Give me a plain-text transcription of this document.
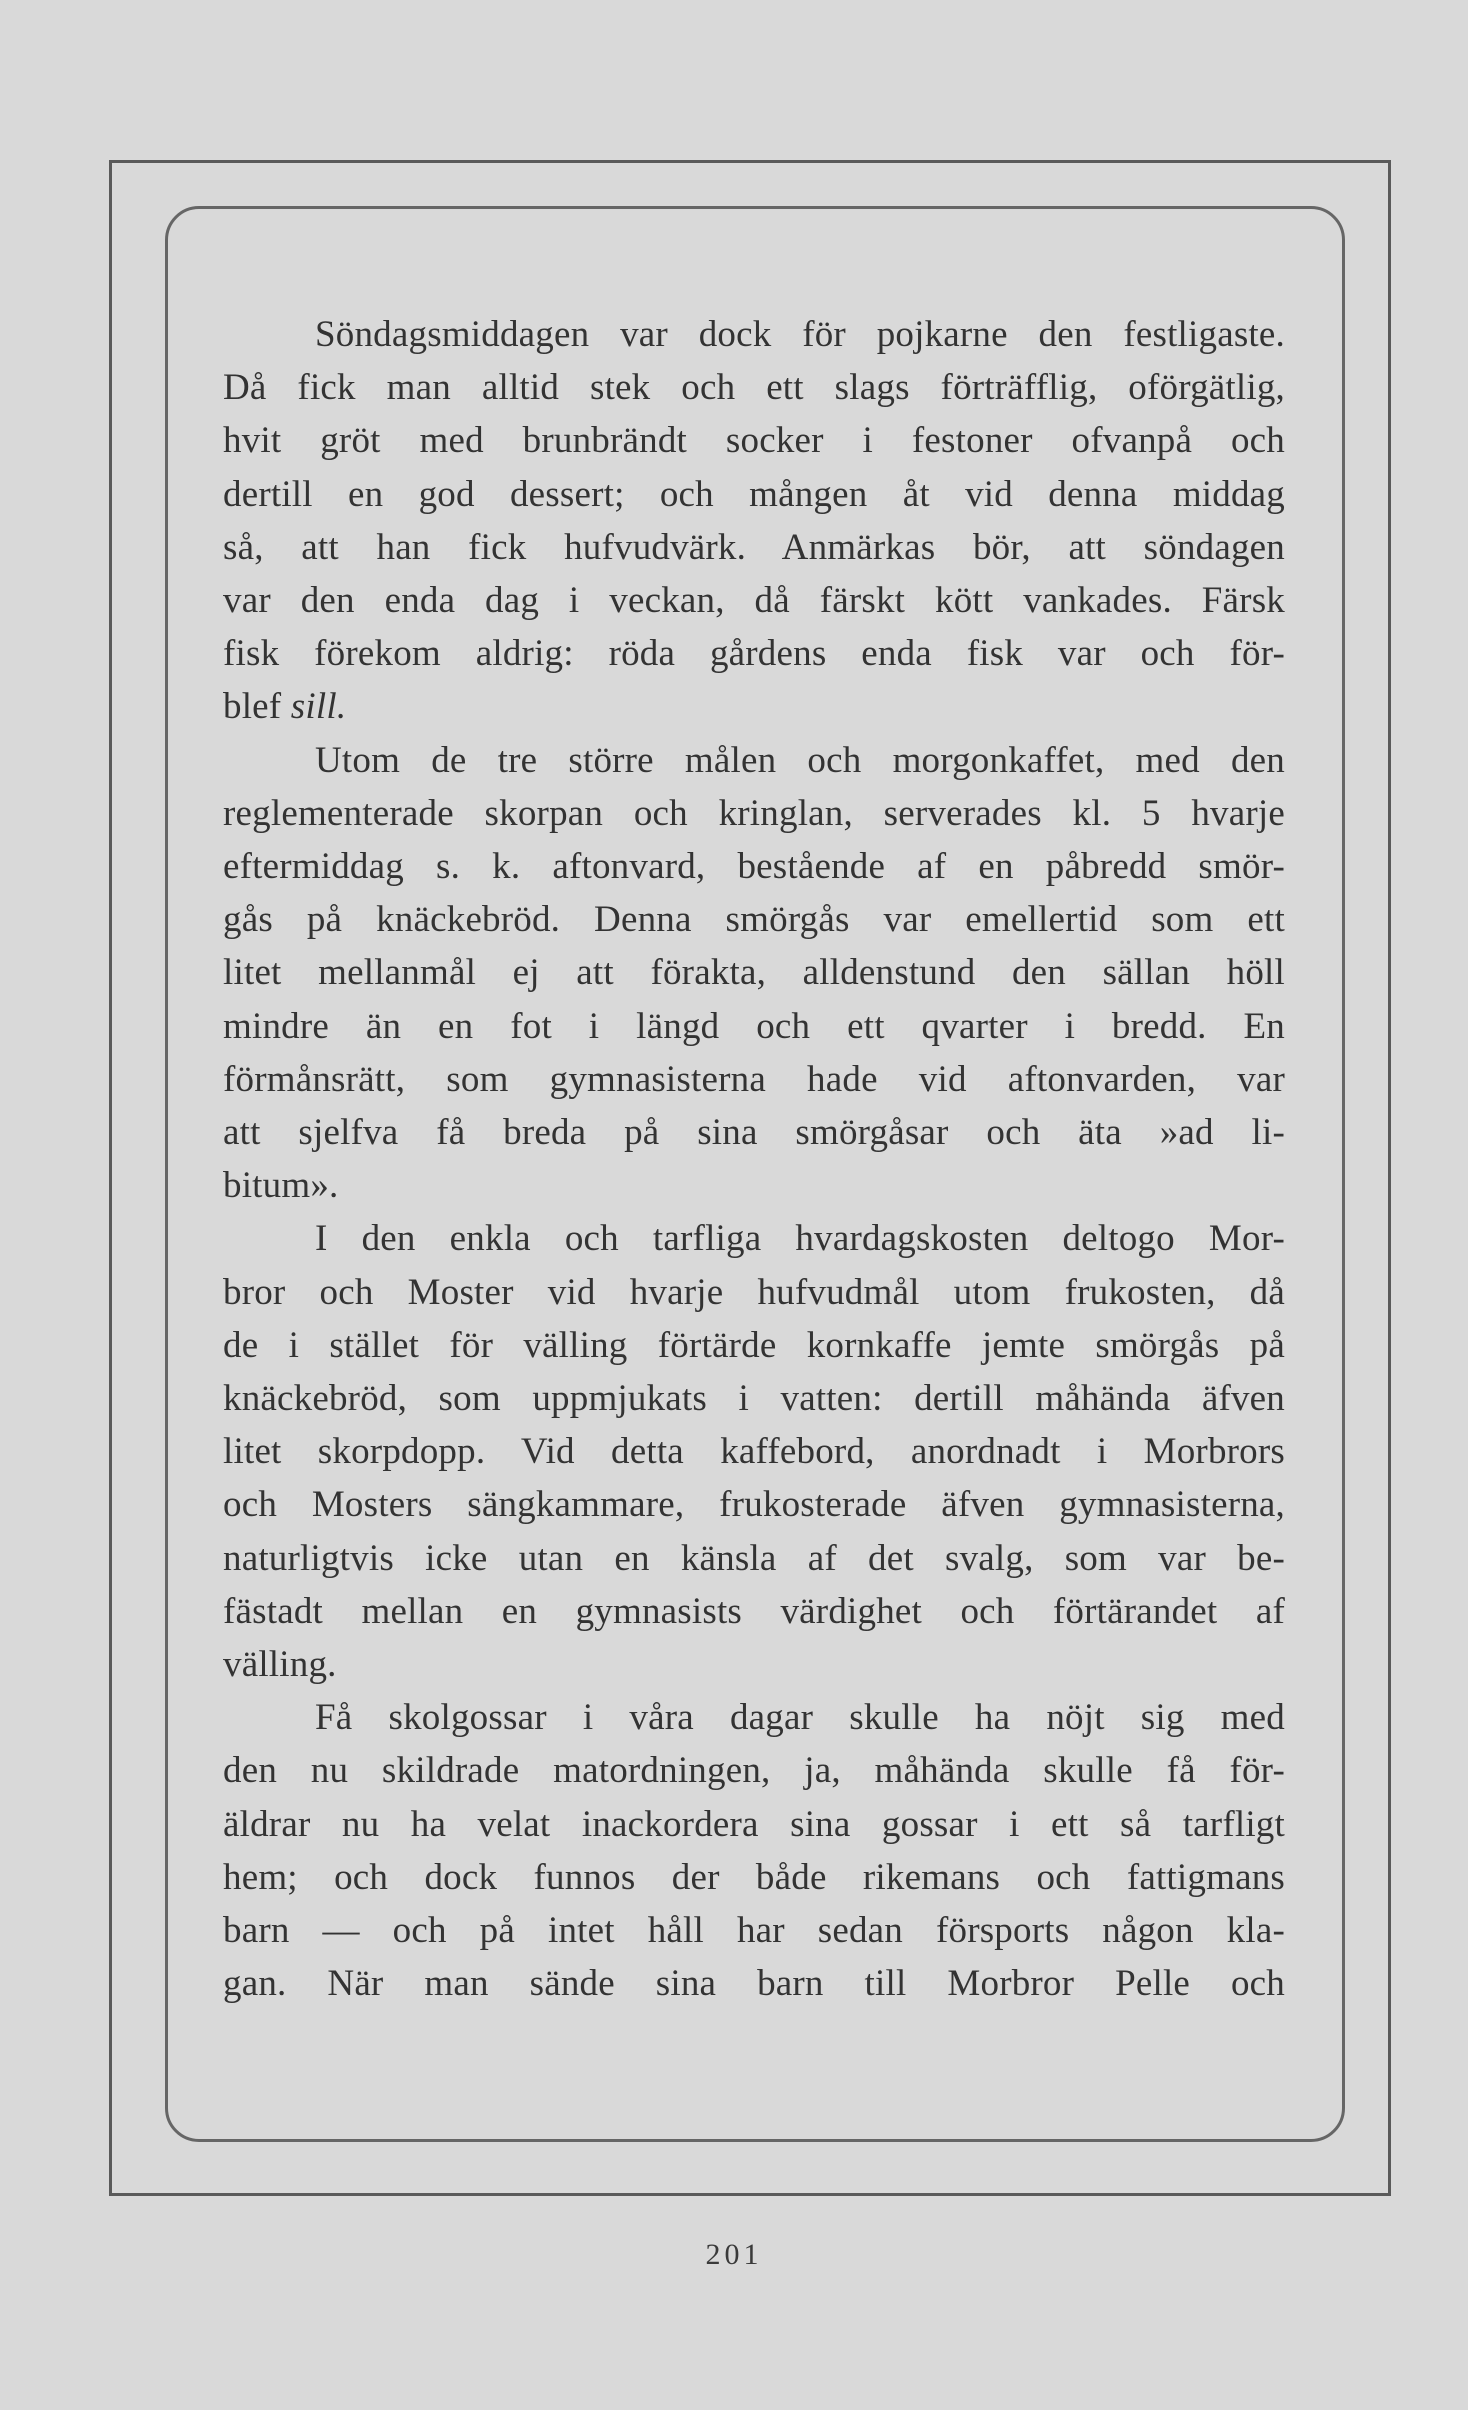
Söndagsmiddagen var dock för pojkarne den festligaste.
Då fick man alltid stek och ett slags förträfflig, oförgätlig,
hvit gröt med brunbrändt socker i festoner ofvanpå och
dertill en god dessert; och mången åt vid denna middag
så, att han fick hufvudvärk. Anmärkas bör, att söndagen
var den enda dag i veckan, då färskt kött vankades. Färsk
fisk förekom aldrig: röda gårdens enda fisk var och för-
blef sill.
Utom de tre större målen och morgonkaffet, med den
reglementerade skorpan och kringlan, serverades kl. 5 hvarje
eftermiddag s. k. aftonvard, bestående af en påbredd smör-
gås på knäckebröd. Denna smörgås var emellertid som ett
litet mellanmål ej att förakta, alldenstund den sällan höll
mindre än en fot i längd och ett qvarter i bredd. En
förmånsrätt, som gymnasisterna hade vid aftonvarden, var
att sjelfva få breda på sina smörgåsar och äta »ad li-
bitum».
I den enkla och tarfliga hvardagskosten deltogo Mor-
bror och Moster vid hvarje hufvudmål utom frukosten, då
de i stället för välling förtärde kornkaffe jemte smörgås på
knäckebröd, som uppmjukats i vatten: dertill måhända äfven
litet skorpdopp. Vid detta kaffebord, anordnadt i Morbrors
och Mosters sängkammare, frukosterade äfven gymnasisterna,
naturligtvis icke utan en känsla af det svalg, som var be-
fästadt mellan en gymnasists värdighet och förtärandet af
välling.
Få skolgossar i våra dagar skulle ha nöjt sig med
den nu skildrade matordningen, ja, måhända skulle få för-
äldrar nu ha velat inackordera sina gossar i ett så tarfligt
hem; och dock funnos der både rikemans och fattigmans
barn — och på intet håll har sedan försports någon kla-
gan. När man sände sina barn till Morbror Pelle och
201
